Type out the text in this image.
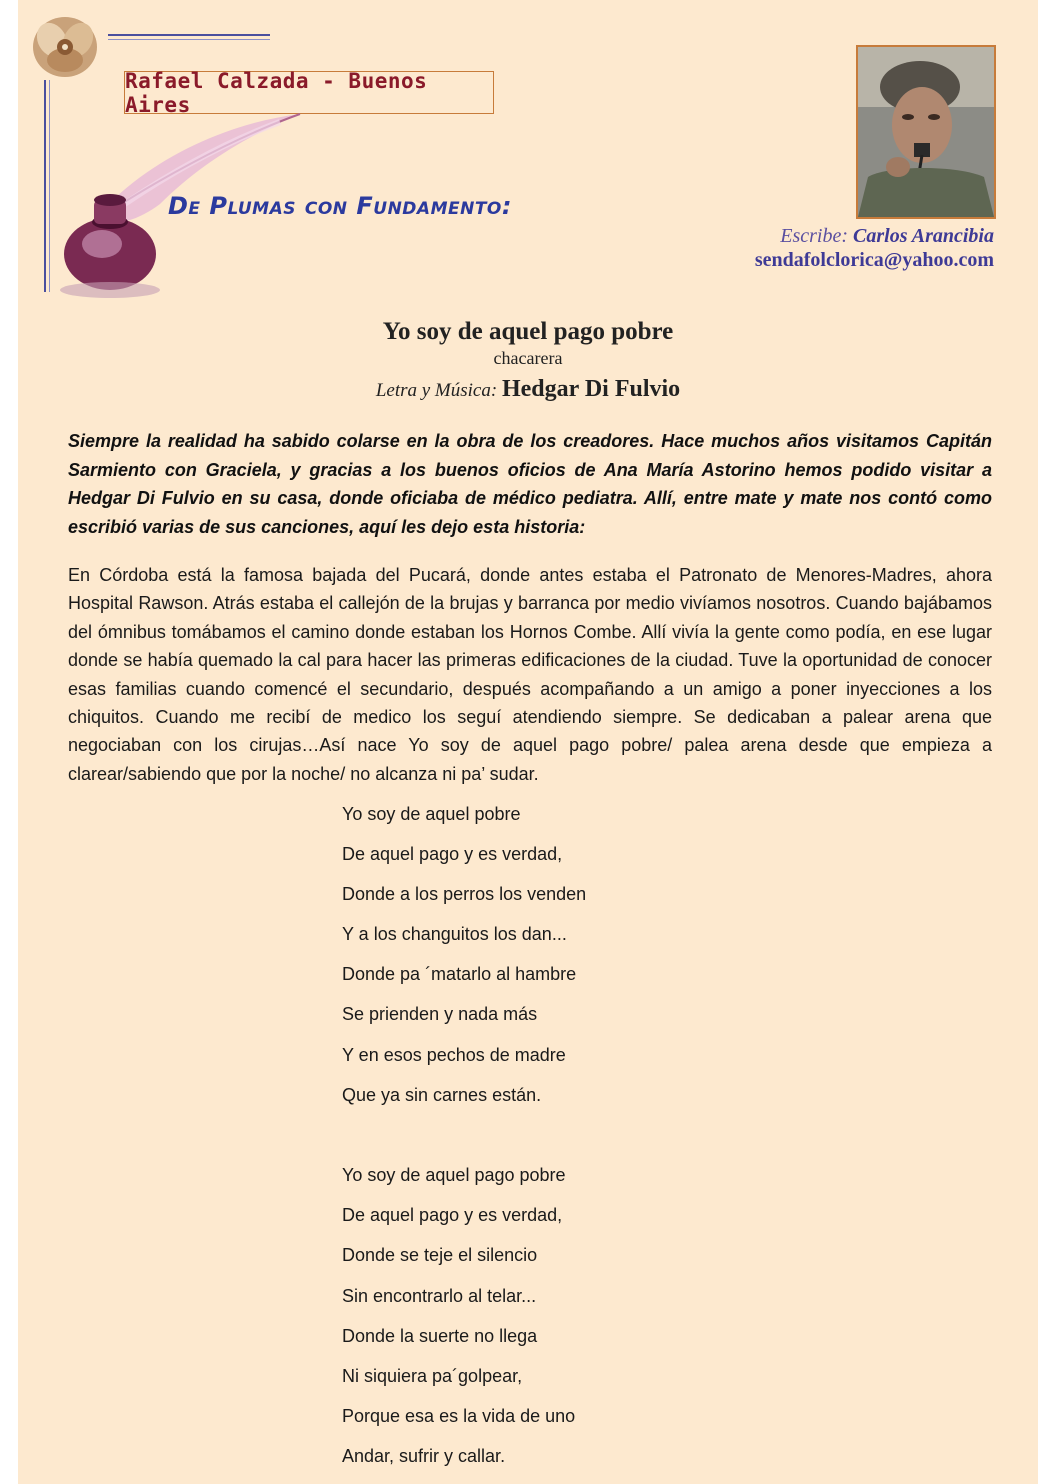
Rafael Calzada - Buenos Aires
De Plumas con Fundamento:
Escribe: Carlos Arancibia
sendafolclorica@yahoo.com
Yo soy de aquel pago pobre
chacarera
Letra y Música: Hedgar Di Fulvio
Siempre la realidad ha sabido colarse en la obra de los creadores. Hace muchos años visitamos Capitán Sarmiento con Graciela, y gracias a los buenos oficios de Ana María Astorino hemos podido visitar a Hedgar Di Fulvio en su casa, donde oficiaba de médico pediatra. Allí, entre mate y mate nos contó como escribió varias de sus canciones, aquí les dejo esta historia:
En Córdoba está la famosa bajada del Pucará, donde antes estaba el Patronato de Menores-Madres, ahora Hospital Rawson. Atrás estaba el callejón de la brujas y barranca por medio vivíamos nosotros. Cuando bajábamos del ómnibus tomábamos el camino donde estaban los Hornos Combe. Allí vivía la gente como podía, en ese lugar donde se había quemado la cal para hacer las primeras edificaciones de la ciudad. Tuve la oportunidad de conocer esas familias cuando comencé el secundario, después acompañando a un amigo a poner inyecciones a los chiquitos. Cuando me recibí de medico los seguí atendiendo siempre. Se dedicaban a palear arena que negociaban con los cirujas…Así nace Yo soy de aquel pago pobre/ palea arena desde que empieza a clarear/sabiendo que por la noche/ no alcanza ni pa’ sudar.
Yo soy de aquel pobre
De aquel pago y es verdad,
Donde a los perros los venden
Y a los changuitos los dan...
Donde pa ´matarlo al hambre
Se prienden y nada más
Y en esos pechos de madre
Que ya sin carnes están.
Yo soy de aquel pago pobre
De aquel pago y es verdad,
Donde se teje el silencio
Sin encontrarlo al telar...
Donde la suerte no llega
Ni siquiera pa´golpear,
Porque esa es la vida de uno
Andar, sufrir y callar.
